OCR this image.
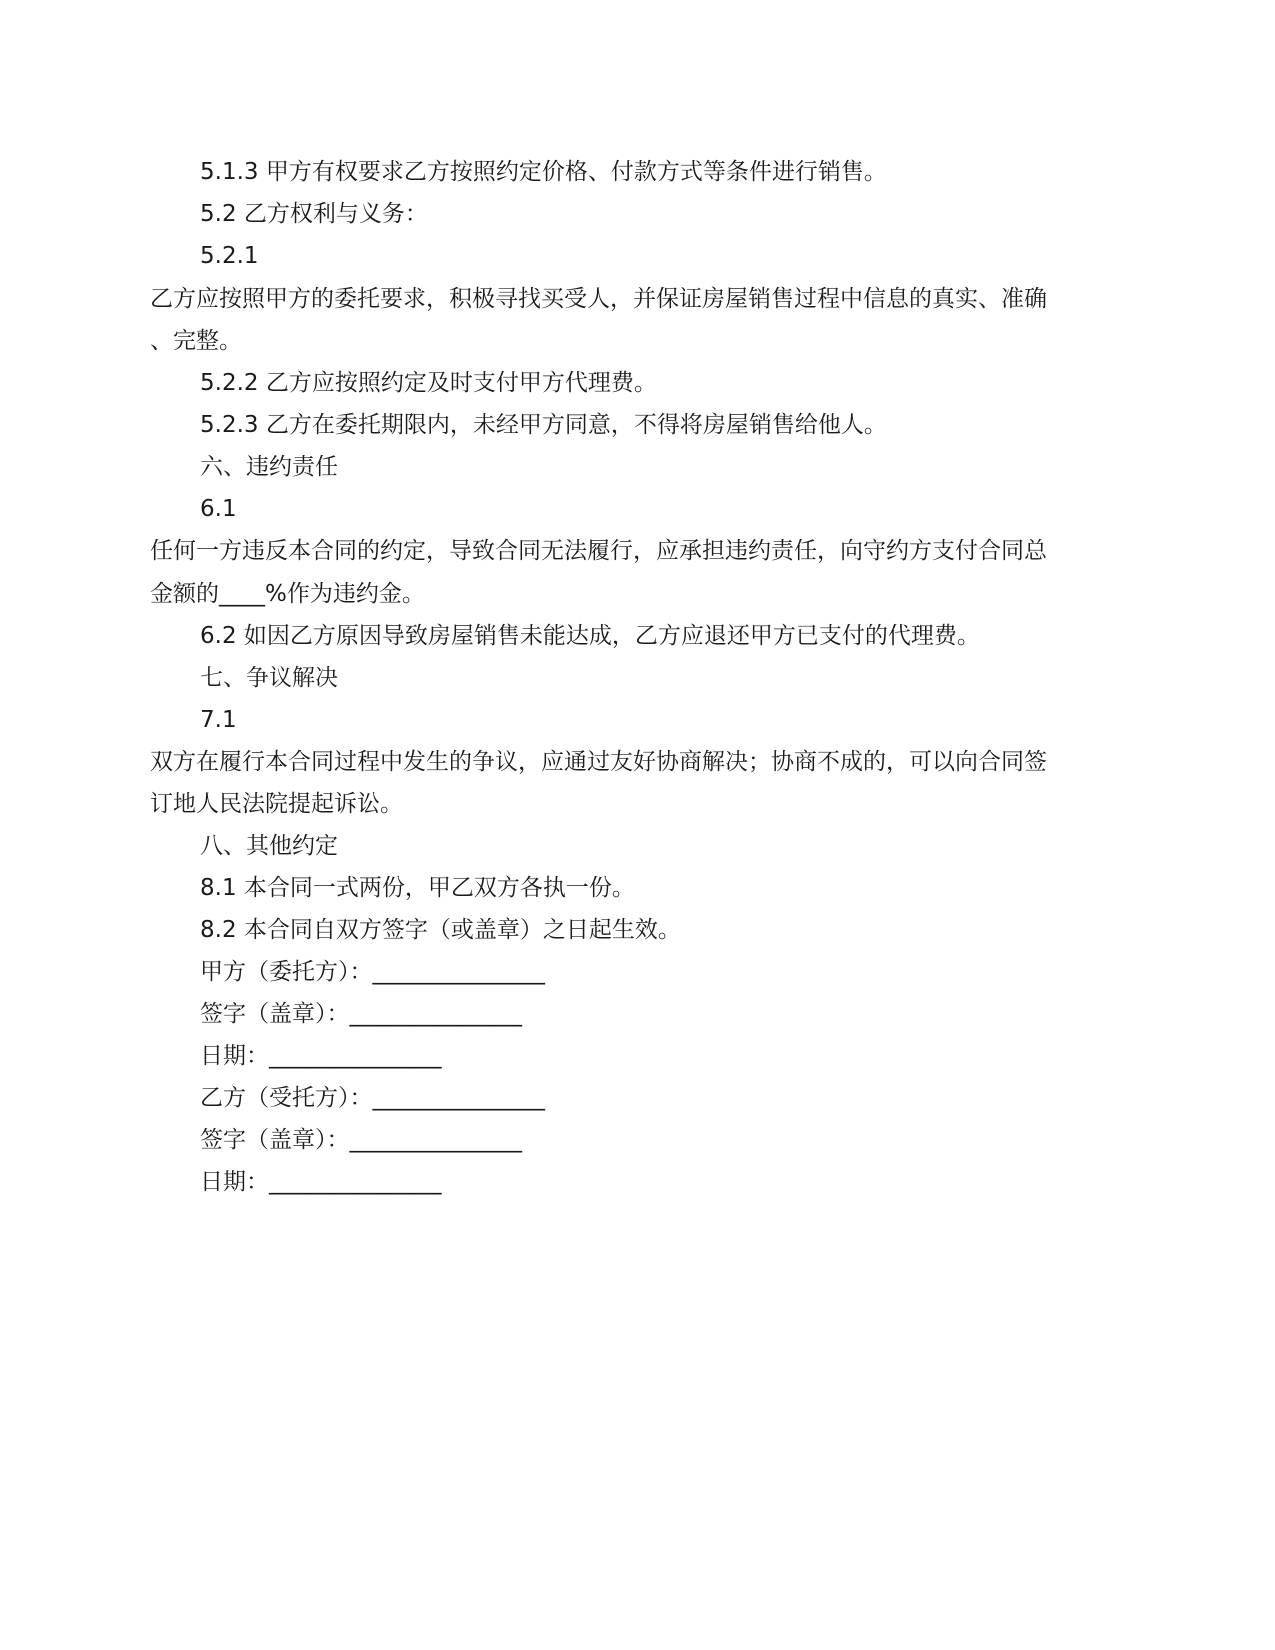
5.1.3 甲方有权要求乙方按照约定价格、付款方式等条件进行销售。
5.2 乙方权利与义务：
5.2.1
乙方应按照甲方的委托要求，积极寻找买受人，并保证房屋销售过程中信息的真实、准确
、完整。
5.2.2 乙方应按照约定及时支付甲方代理费。
5.2.3 乙方在委托期限内，未经甲方同意，不得将房屋销售给他人。
六、违约责任
6.1
任何一方违反本合同的约定，导致合同无法履行，应承担违约责任，向守约方支付合同总
金额的____%作为违约金。
6.2 如因乙方原因导致房屋销售未能达成，乙方应退还甲方已支付的代理费。
七、争议解决
7.1
双方在履行本合同过程中发生的争议，应通过友好协商解决；协商不成的，可以向合同签
订地人民法院提起诉讼。
八、其他约定
8.1 本合同一式两份，甲乙双方各执一份。
8.2 本合同自双方签字（或盖章）之日起生效。
甲方（委托方）：_______________
签字（盖章）：_______________
日期：_______________
乙方（受托方）：_______________
签字（盖章）：_______________
日期：_______________
